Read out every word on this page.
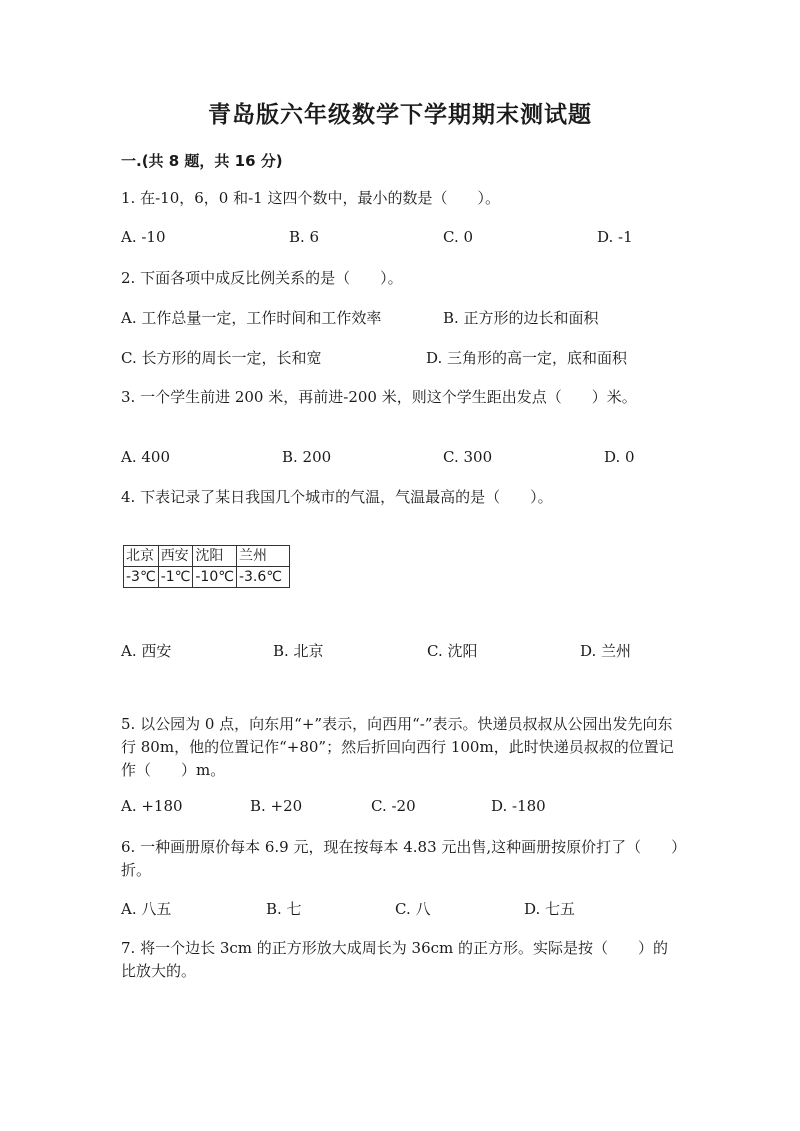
青岛版六年级数学下学期期末测试题
一.(共 8 题，共 16 分)
1. 在-10，6，0 和-1 这四个数中，最小的数是（　　）。
A. -10	B. 6	C. 0	D. -1
2. 下面各项中成反比例关系的是（　　）。
A. 工作总量一定，工作时间和工作效率	B. 正方形的边长和面积
C. 长方形的周长一定，长和宽	D. 三角形的高一定，底和面积
3. 一个学生前进 200 米，再前进-200 米，则这个学生距出发点（　　）米。
A. 400	B. 200	C. 300	D. 0
4. 下表记录了某日我国几个城市的气温，气温最高的是（　　）。
北京	西安	沈阳	兰州
-3℃	-1℃	-10℃	-3.6℃
A. 西安	B. 北京	C. 沈阳	D. 兰州
5. 以公园为 0 点，向东用“+”表示，向西用“-”表示。快递员叔叔从公园出发先向东行 80m，他的位置记作“+80”；然后折回向西行 100m，此时快递员叔叔的位置记作（　　）m。
A. +180	B. +20	C. -20	D. -180
6. 一种画册原价每本 6.9 元，现在按每本 4.83 元出售,这种画册按原价打了（　　）折。
A. 八五	B. 七	C. 八	D. 七五
7. 将一个边长 3cm 的正方形放大成周长为 36cm 的正方形。实际是按（　　）的比放大的。
